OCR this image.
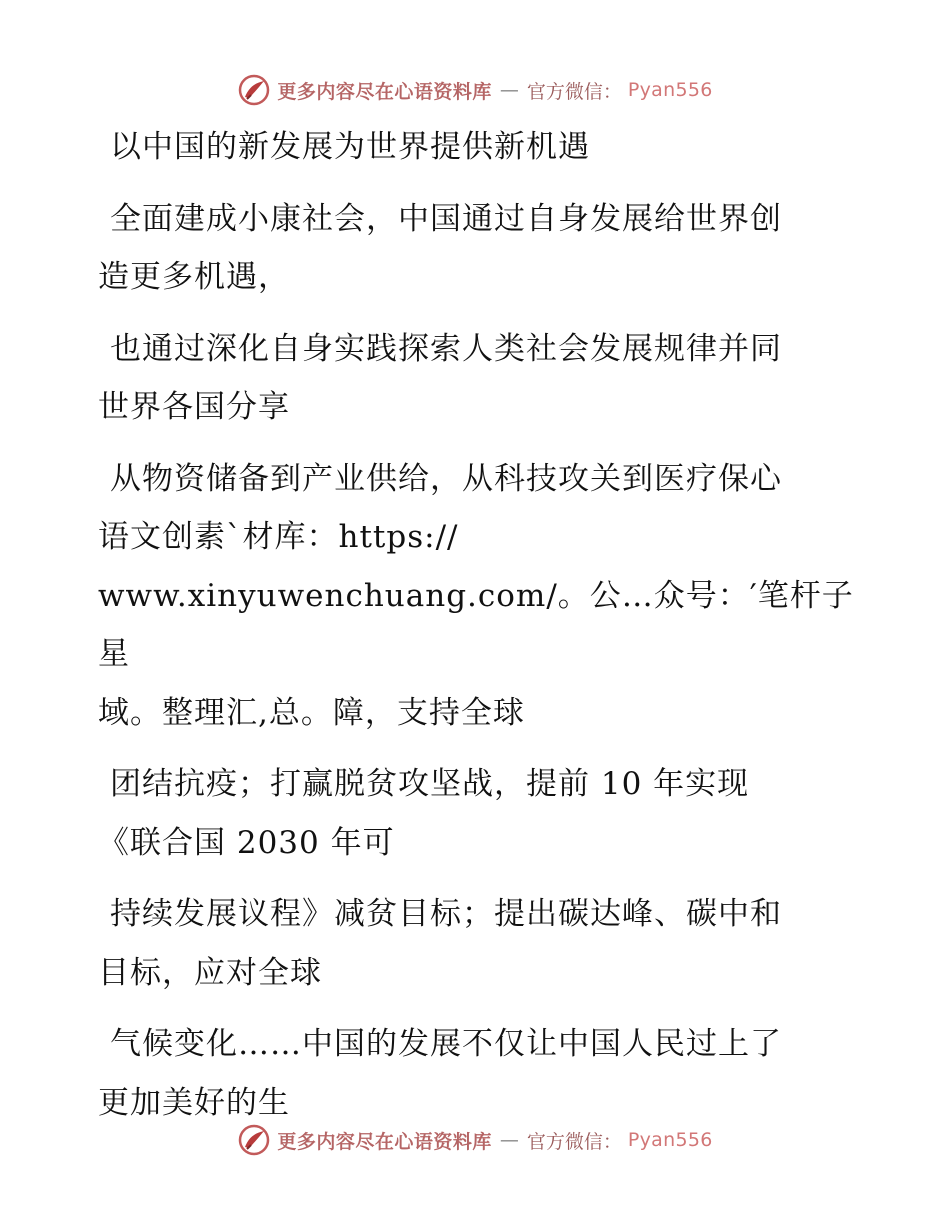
更多内容尽在心语资料库 — 官方微信： Pyan556
以中国的新发展为世界提供新机遇
全面建成小康社会，中国通过自身发展给世界创
造更多机遇，
也通过深化自身实践探索人类社会发展规律并同
世界各国分享
从物资储备到产业供给，从科技攻关到医疗保心
语文创素`材库：https://
www.xinyuwenchuang.com/。公…众号：′笔杆子星
域。整理汇,总。障，支持全球
团结抗疫；打赢脱贫攻坚战，提前 10 年实现
《联合国 2030 年可
持续发展议程》减贫目标；提出碳达峰、碳中和
目标，应对全球
气候变化……中国的发展不仅让中国人民过上了
更加美好的生
更多内容尽在心语资料库 — 官方微信： Pyan556
